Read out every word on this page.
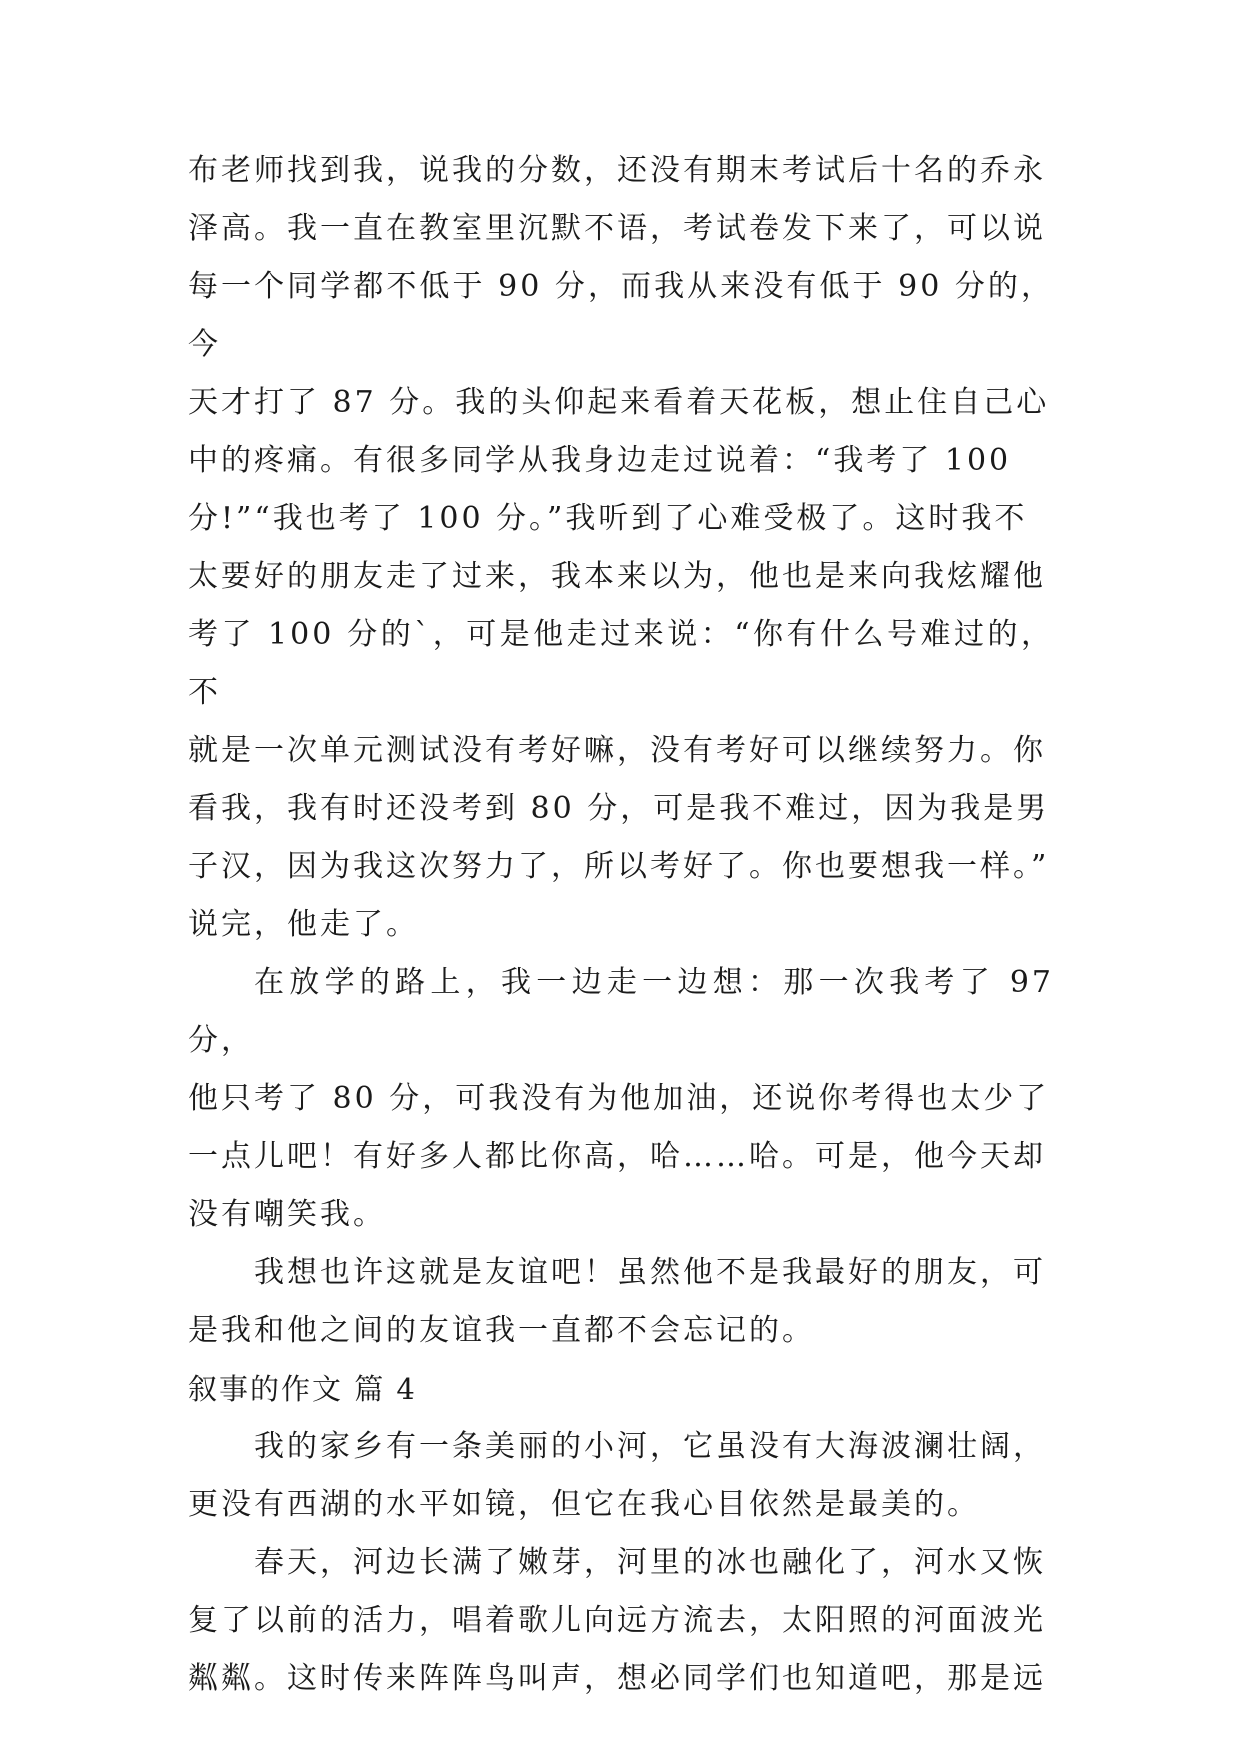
布老师找到我，说我的分数，还没有期末考试后十名的乔永
泽高。我一直在教室里沉默不语，考试卷发下来了，可以说
每一个同学都不低于 90 分，而我从来没有低于 90 分的，今
天才打了 87 分。我的头仰起来看着天花板，想止住自己心
中的疼痛。有很多同学从我身边走过说着：“我考了 100
分!”“我也考了 100 分。”我听到了心难受极了。这时我不
太要好的朋友走了过来，我本来以为，他也是来向我炫耀他
考了 100 分的`，可是他走过来说：“你有什么号难过的，不
就是一次单元测试没有考好嘛，没有考好可以继续努力。你
看我，我有时还没考到 80 分，可是我不难过，因为我是男
子汉，因为我这次努力了，所以考好了。你也要想我一样。”
说完，他走了。

在放学的路上，我一边走一边想：那一次我考了 97 分，
他只考了 80 分，可我没有为他加油，还说你考得也太少了
一点儿吧！有好多人都比你高，哈……哈。可是，他今天却
没有嘲笑我。

我想也许这就是友谊吧！虽然他不是我最好的朋友，可
是我和他之间的友谊我一直都不会忘记的。

叙事的作文 篇 4

我的家乡有一条美丽的小河，它虽没有大海波澜壮阔，
更没有西湖的水平如镜，但它在我心目依然是最美的。

春天，河边长满了嫩芽，河里的冰也融化了，河水又恢
复了以前的活力，唱着歌儿向远方流去，太阳照的河面波光
粼粼。这时传来阵阵鸟叫声，想必同学们也知道吧，那是远
